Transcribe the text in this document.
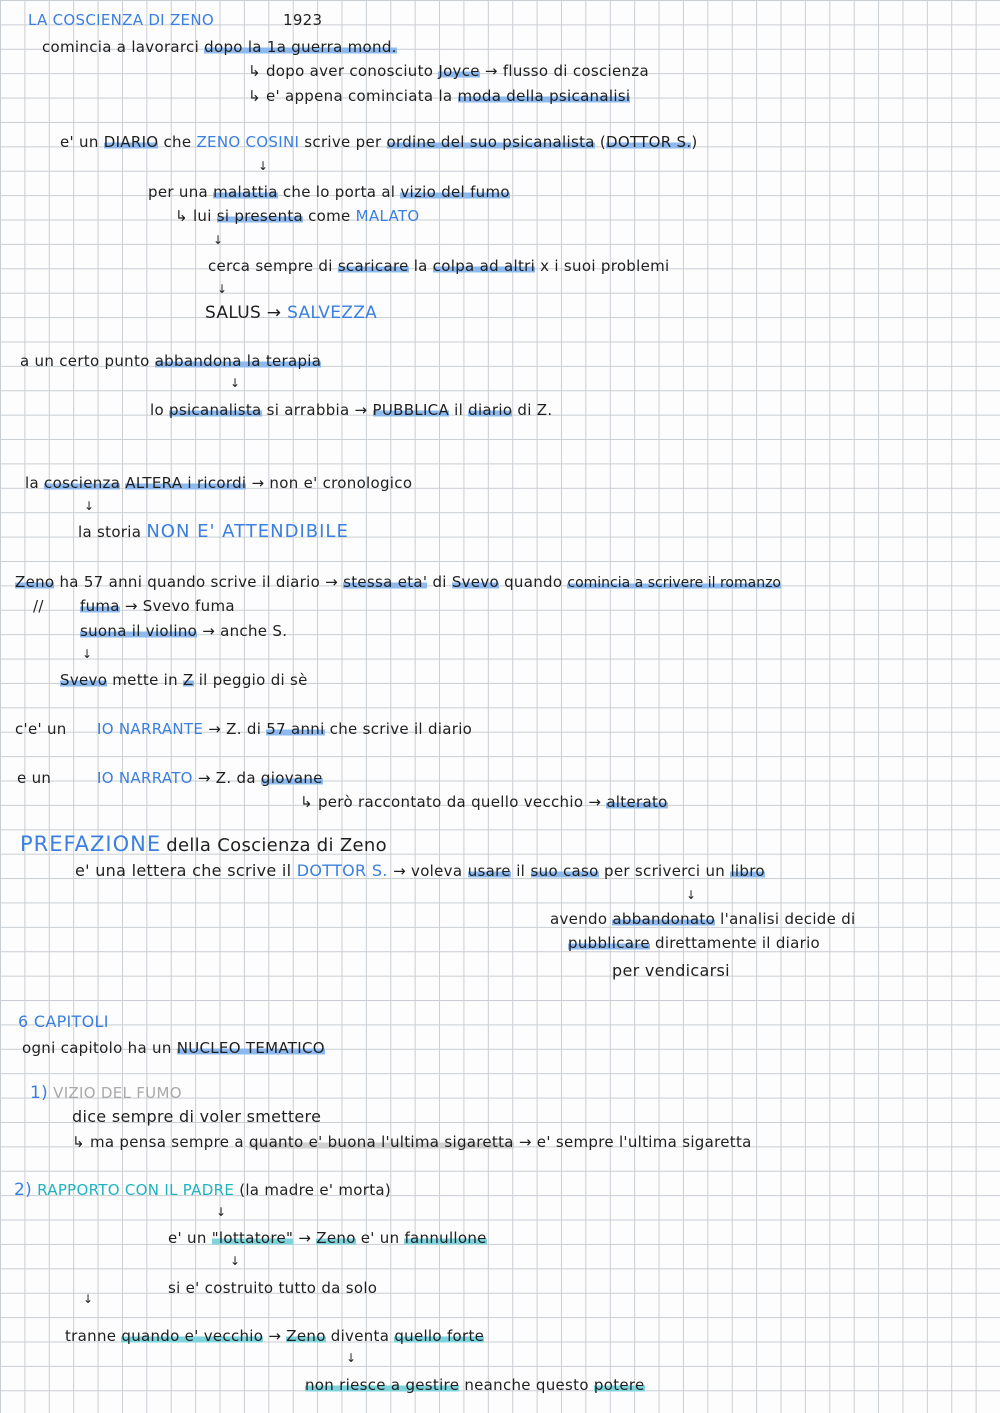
LA COSCIENZA DI ZENO	1923
comincia a lavorarci dopo la 1a guerra mond.
↳ dopo aver conosciuto Joyce → flusso di coscienza
↳ e' appena cominciata la moda della psicanalisi
e' un DIARIO che ZENO COSINI scrive per ordine del suo psicanalista (DOTTOR S.)
↓
per una malattia che lo porta al vizio del fumo
↳ lui si presenta come MALATO
↓
cerca sempre di scaricare la colpa ad altri x i suoi problemi
↓
SALUS → SALVEZZA
a un certo punto abbandona la terapia
↓
lo psicanalista si arrabbia → PUBBLICA il diario di Z.
la coscienza ALTERA i ricordi → non e' cronologico
↓
la storia NON E' ATTENDIBILE
Zeno ha 57 anni quando scrive il diario → stessa eta' di Svevo quando comincia a scrivere il romanzo
// fuma → Svevo fuma
suona il violino → anche S.
↓
Svevo mette in Z il peggio di sè
c'e' un IO NARRANTE → Z. di 57 anni che scrive il diario
e un	IO NARRATO → Z. da giovane
↳ però raccontato da quello vecchio → alterato
PREFAZIONE della Coscienza di Zeno
e' una lettera che scrive il DOTTOR S. → voleva usare il suo caso per scriverci un libro
↓
avendo abbandonato l'analisi decide di
pubblicare direttamente il diario
per vendicarsi
6 CAPITOLI
ogni capitolo ha un NUCLEO TEMATICO
1) VIZIO DEL FUMO
dice sempre di voler smettere
↳ ma pensa sempre a quanto e' buona l'ultima sigaretta → e' sempre l'ultima sigaretta
2) RAPPORTO CON IL PADRE (la madre e' morta)
↓
e' un "lottatore" → Zeno e' un fannullone
↓
si e' costruito tutto da solo
↓
tranne quando e' vecchio → Zeno diventa quello forte
↓
non riesce a gestire neanche questo potere
